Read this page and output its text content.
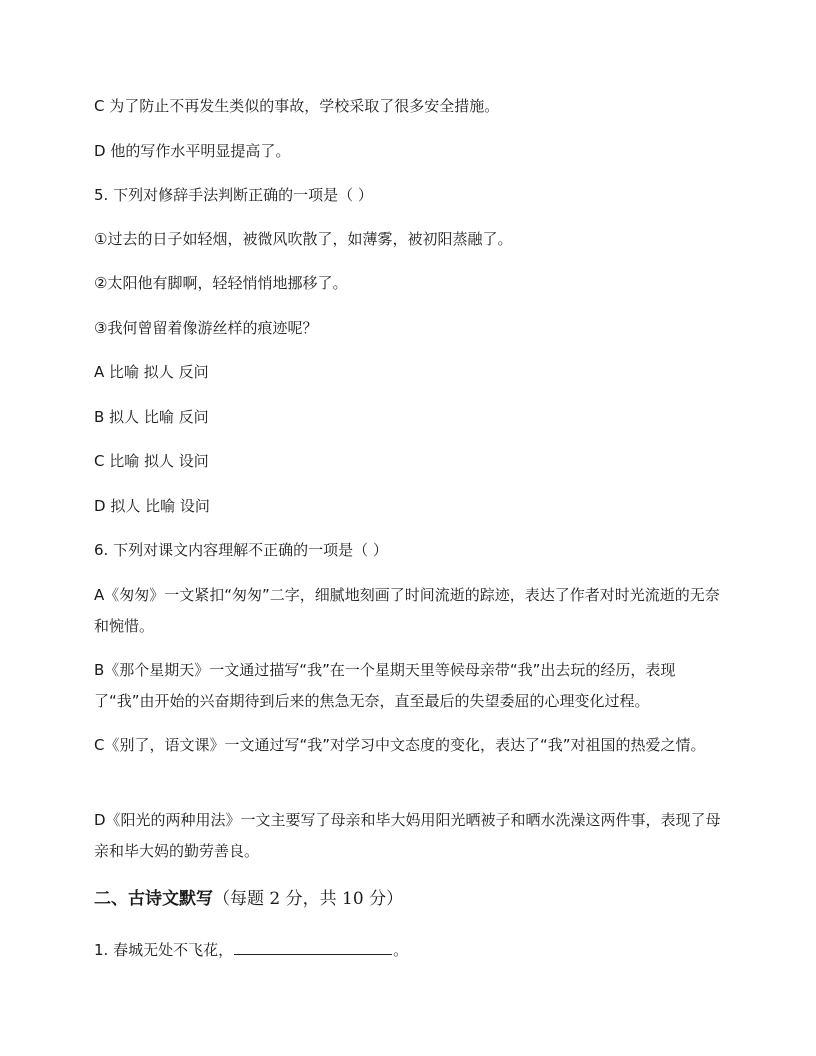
C 为了防止不再发生类似的事故，学校采取了很多安全措施。
D 他的写作水平明显提高了。
5. 下列对修辞手法判断正确的一项是（ ）
①过去的日子如轻烟，被微风吹散了，如薄雾，被初阳蒸融了。
②太阳他有脚啊，轻轻悄悄地挪移了。
③我何曾留着像游丝样的痕迹呢？
A 比喻 拟人 反问
B 拟人 比喻 反问
C 比喻 拟人 设问
D 拟人 比喻 设问
6. 下列对课文内容理解不正确的一项是（ ）
A《匆匆》一文紧扣“匆匆”二字，细腻地刻画了时间流逝的踪迹，表达了作者对时光流逝的无奈和惋惜。
B《那个星期天》一文通过描写“我”在一个星期天里等候母亲带“我”出去玩的经历，表现了“我”由开始的兴奋期待到后来的焦急无奈，直至最后的失望委屈的心理变化过程。
C《别了，语文课》一文通过写“我”对学习中文态度的变化，表达了“我”对祖国的热爱之情。
D《阳光的两种用法》一文主要写了母亲和毕大妈用阳光晒被子和晒水洗澡这两件事，表现了母亲和毕大妈的勤劳善良。
二、古诗文默写（每题 2 分，共 10 分）
1. 春城无处不飞花，	。
